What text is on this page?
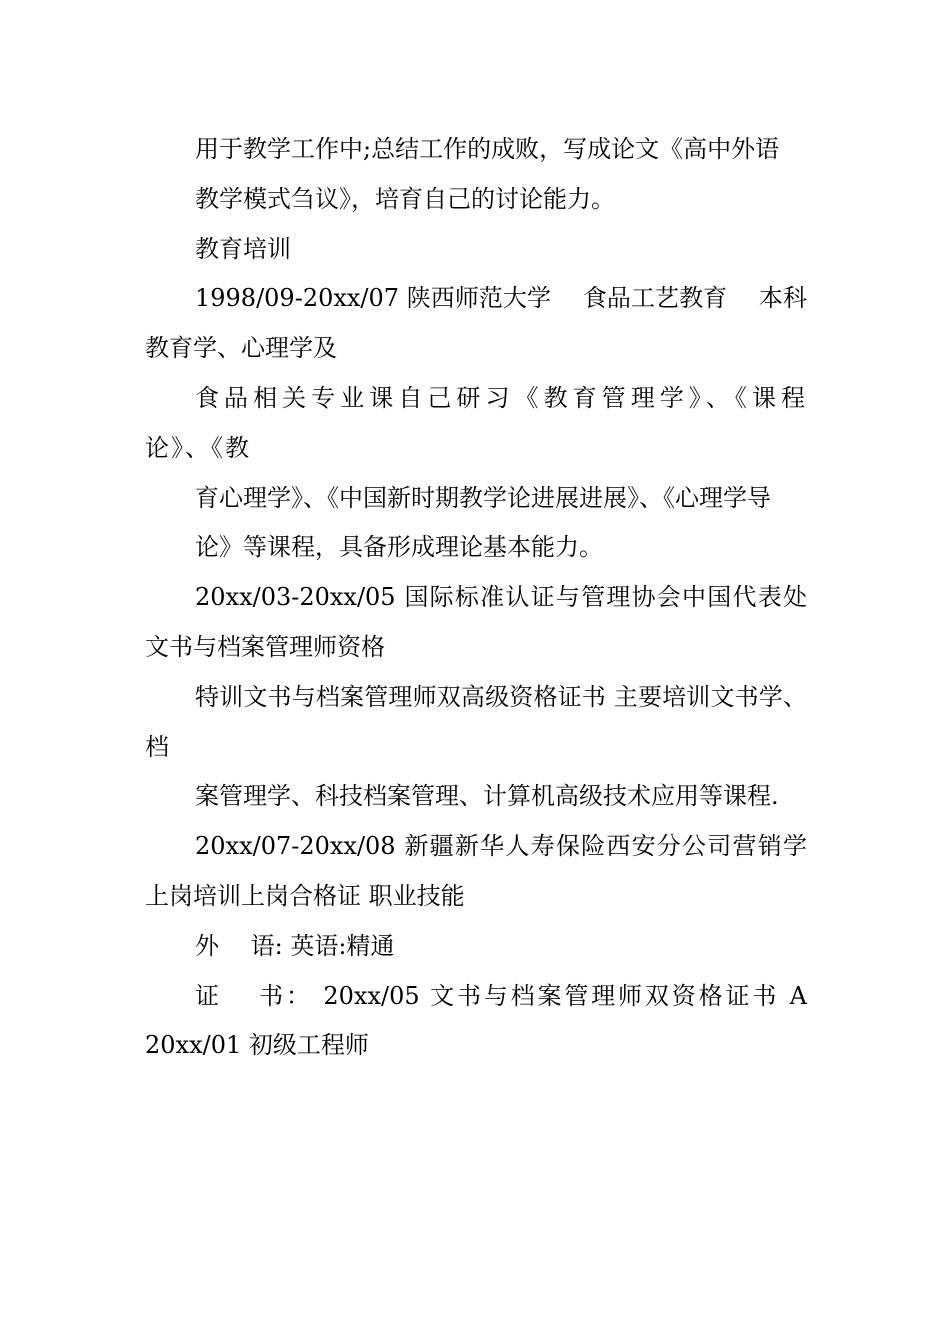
用于教学工作中;总结工作的成败，写成论文《高中外语

教学模式刍议》，培育自己的讨论能力。

教育培训

1998/09-20xx/07 陕西师范大学　 食品工艺教育　 本科教育学、心理学及

食品相关专业课自己研习《教育管理学》、《课程论》、《教

育心理学》、《中国新时期教学论进展进展》、《心理学导

论》等课程，具备形成理论基本能力。

20xx/03-20xx/05 国际标准认证与管理协会中国代表处文书与档案管理师资格

特训文书与档案管理师双高级资格证书 主要培训文书学、档

案管理学、科技档案管理、计算机高级技术应用等课程.

20xx/07-20xx/08 新疆新华人寿保险西安分公司营销学上岗培训上岗合格证 职业技能

外　 语: 英语:精通

证　 书： 20xx/05 文书与档案管理师双资格证书 A 20xx/01 初级工程师
